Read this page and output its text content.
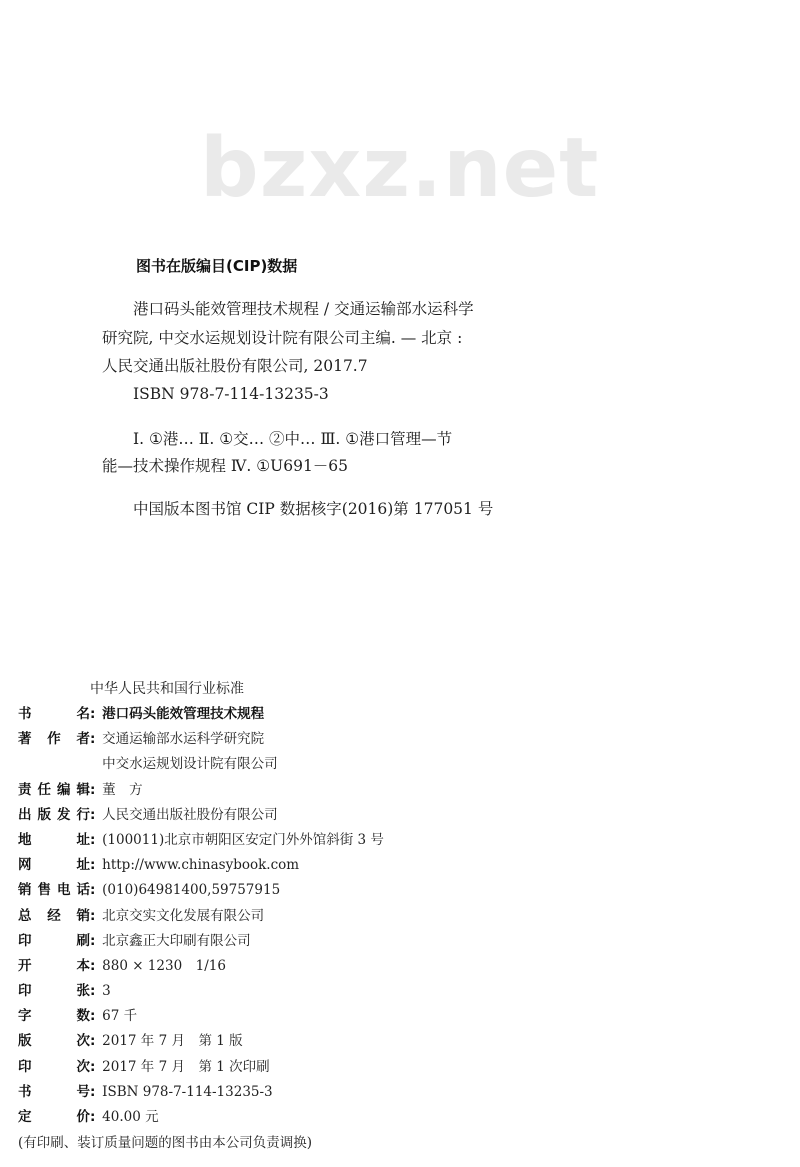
bzxz.net
图书在版编目(CIP)数据
港口码头能效管理技术规程 / 交通运输部水运科学
研究院, 中交水运规划设计院有限公司主编. — 北京 :
人民交通出版社股份有限公司, 2017.7
ISBN 978-7-114-13235-3
Ⅰ. ①港… Ⅱ. ①交… ②中… Ⅲ. ①港口管理—节
能—技术操作规程 Ⅳ. ①U691－65
中国版本图书馆 CIP 数据核字(2016)第 177051 号
中华人民共和国行业标准
书名 : 港口码头能效管理技术规程
著作者 : 交通运输部水运科学研究院
中交水运规划设计院有限公司
责任编辑 : 董　方
出版发行 : 人民交通出版社股份有限公司
地址 : (100011)北京市朝阳区安定门外外馆斜街 3 号
网址 : http://www.chinasybook.com
销售电话 : (010)64981400,59757915
总经销 : 北京交实文化发展有限公司
印刷 : 北京鑫正大印刷有限公司
开本 : 880 × 1230　1/16
印张 : 3
字数 : 67 千
版次 : 2017 年 7 月　第 1 版
印次 : 2017 年 7 月　第 1 次印刷
书号 : ISBN 978-7-114-13235-3
定价 : 40.00 元
(有印刷、装订质量问题的图书由本公司负责调换)
